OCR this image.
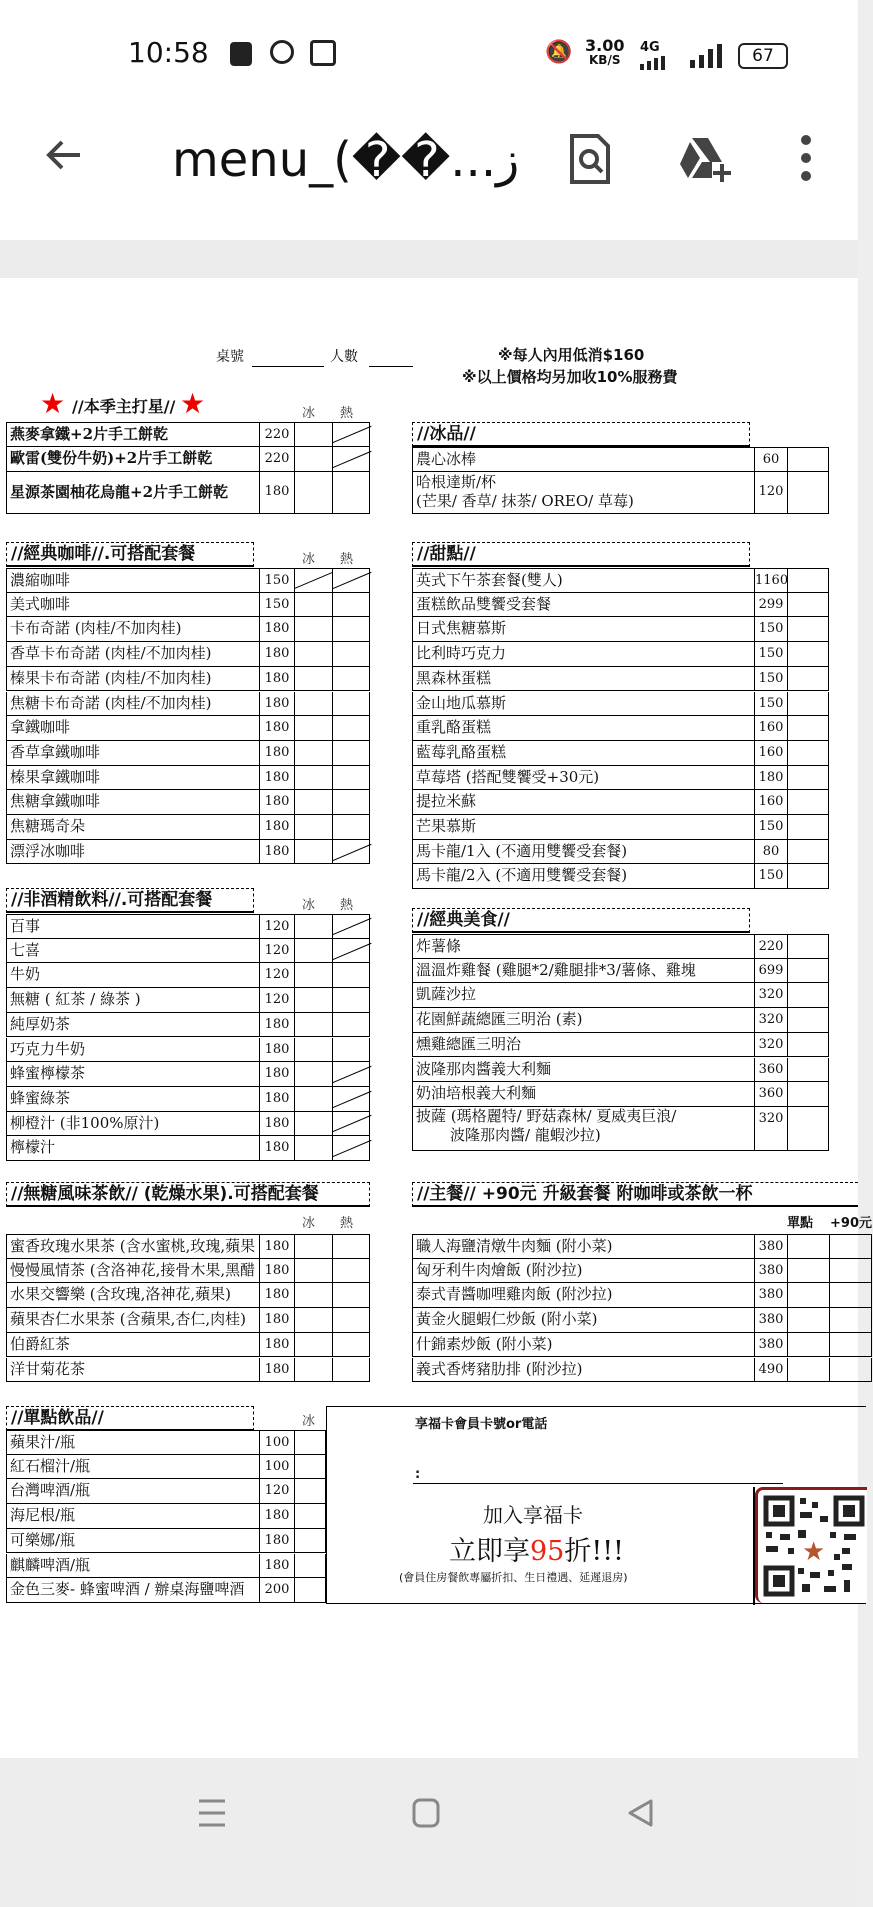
10:58	🔕 3.00
KB/S
4G	67
menu_(��...ز
桌號	人數	※每人內用低消$160
※以上價格均另加收10%服務費
★ //本季主打星// ★	冰 熱
燕麥拿鐵+2片手工餅乾	220
歐雷(雙份牛奶)+2片手工餅乾	220
星源茶園柚花烏龍+2片手工餅乾	180
//經典咖啡//.可搭配套餐	冰 熱
濃縮咖啡	150
美式咖啡	150
卡布奇諾 (肉桂/不加肉桂)	180
香草卡布奇諾 (肉桂/不加肉桂)	180
榛果卡布奇諾 (肉桂/不加肉桂)	180
焦糖卡布奇諾 (肉桂/不加肉桂)	180
拿鐵咖啡	180
香草拿鐵咖啡	180
榛果拿鐵咖啡	180
焦糖拿鐵咖啡	180
焦糖瑪奇朵	180
漂浮冰咖啡	180
//非酒精飲料//.可搭配套餐	冰 熱
百事	120
七喜	120
牛奶	120
無糖 ( 紅茶 / 綠茶 )	120
純厚奶茶	180
巧克力牛奶	180
蜂蜜檸檬茶	180
蜂蜜綠茶	180
柳橙汁 (非100%原汁)	180
檸檬汁	180
//無糖風味茶飲// (乾燥水果).可搭配套餐
冰 熱
蜜香玫瑰水果茶 (含水蜜桃,玫瑰,蘋果 180
慢慢風情茶 (含洛神花,接骨木果,黑醋 180
水果交響樂 (含玫瑰,洛神花,蘋果)	180
蘋果杏仁水果茶 (含蘋果,杏仁,肉桂)	180
伯爵紅茶	180
洋甘菊花茶	180
//單點飲品//	冰
蘋果汁/瓶	100
紅石榴汁/瓶	100
台灣啤酒/瓶	120
海尼根/瓶	180
可樂娜/瓶	180
麒麟啤酒/瓶	180
金色三麥- 蜂蜜啤酒 / 辦桌海鹽啤酒	200
//冰品//
農心冰棒	60
哈根達斯/杯
(芒果/ 香草/ 抹茶/ OREO/ 草莓)
120
//甜點//
英式下午茶套餐(雙人)	1160
蛋糕飲品雙饗受套餐	299
日式焦糖慕斯	150
比利時巧克力	150
黑森林蛋糕	150
金山地瓜慕斯	150
重乳酪蛋糕	160
藍莓乳酪蛋糕	160
草莓塔 (搭配雙饗受+30元)	180
提拉米蘇	160
芒果慕斯	150
馬卡龍/1入 (不適用雙饗受套餐)	80
馬卡龍/2入 (不適用雙饗受套餐)	150
//經典美食//
炸薯條	220
溫溫炸雞餐 (雞腿*2/雞腿排*3/薯條、雞塊	699
凱薩沙拉	320
花園鮮蔬總匯三明治 (素)	320
燻雞總匯三明治	320
波隆那肉醬義大利麵	360
奶油培根義大利麵	360
披薩 (瑪格麗特/ 野菇森林/ 夏威夷巨浪/
波隆那肉醬/ 龍蝦沙拉)
320
//主餐// +90元 升級套餐 附咖啡或茶飲一杯
單點 +90元
職人海鹽清燉牛肉麵 (附小菜)	380
匈牙利牛肉燴飯 (附沙拉)	380
泰式青醬咖哩雞肉飯 (附沙拉)	380
黃金火腿蝦仁炒飯 (附小菜)	380
什錦素炒飯 (附小菜)	380
義式香烤豬肋排 (附沙拉)	490
享福卡會員卡號or電話
:
加入享福卡
立即享95折!!!
(會員住房餐飲專屬折扣、生日禮遇、延遲退房)
★
